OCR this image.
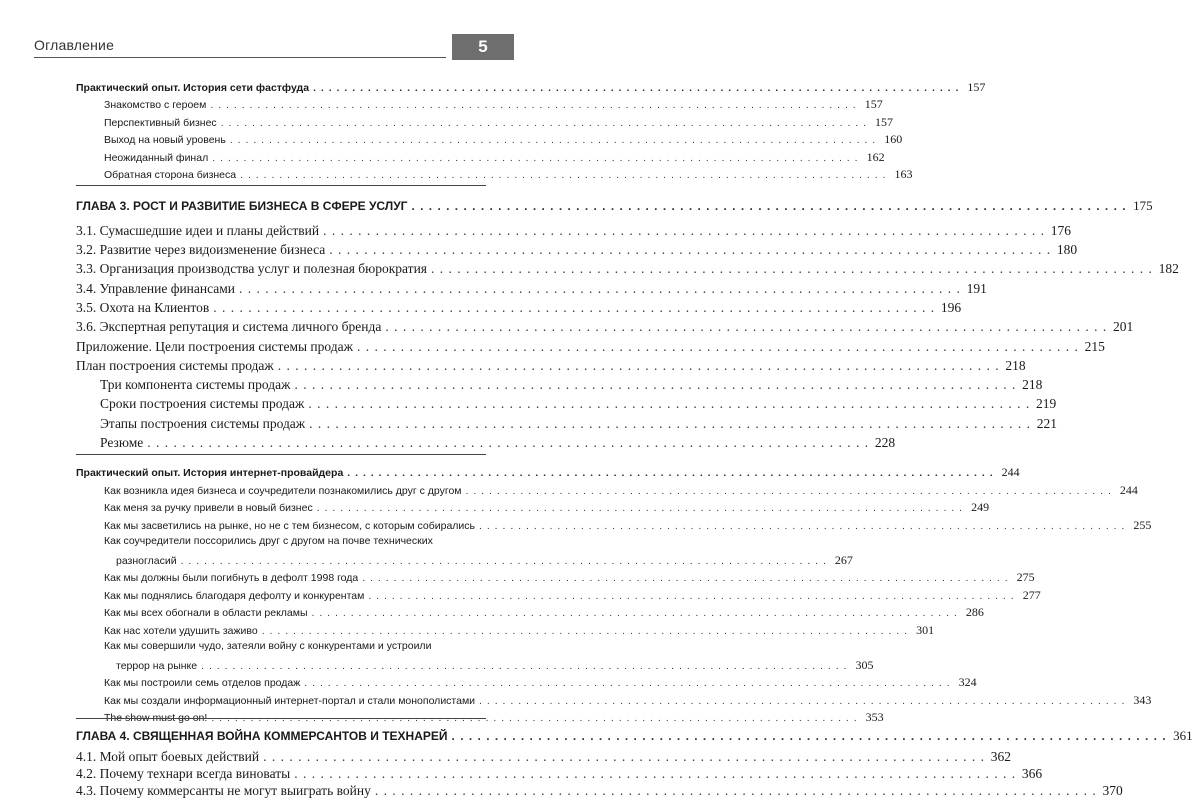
Оглавление	5
Практический опыт. История сети фастфуда . . .	157
Знакомство с героем . . .	157
Перспективный бизнес . . .	157
Выход на новый уровень . . .	160
Неожиданный финал . . .	162
Обратная сторона бизнеса . . .	163
ГЛАВА 3. РОСТ И РАЗВИТИЕ БИЗНЕСА В СФЕРЕ УСЛУГ . . .	175
3.1. Сумасшедшие идеи и планы действий . . .	176
3.2. Развитие через видоизменение бизнеса . . .	180
3.3. Организация производства услуг и полезная бюрократия . . .	182
3.4. Управление финансами . . .	191
3.5. Охота на Клиентов . . .	196
3.6. Экспертная репутация и система личного бренда . . .	201
Приложение. Цели построения системы продаж . . .	215
План построения системы продаж . . .	218
Три компонента системы продаж . . .	218
Сроки построения системы продаж . . .	219
Этапы построения системы продаж . . .	221
Резюме . . .	228
Практический опыт. История интернет-провайдера . . .	244
Как возникла идея бизнеса и соучредители познакомились друг с другом . . .	244
Как меня за ручку привели в новый бизнес . . .	249
Как мы засветились на рынке, но не с тем бизнесом, с которым собирались . . .	255
Как соучредители поссорились друг с другом на почве технических
разногласий . . .	267
Как мы должны были погибнуть в дефолт 1998 года . . .	275
Как мы поднялись благодаря дефолту и конкурентам . . .	277
Как мы всех обогнали в области рекламы . . .	286
Как нас хотели удушить заживо . . .	301
Как мы совершили чудо, затеяли войну с конкурентами и устроили
террор на рынке . . .	305
Как мы построили семь отделов продаж . . .	324
Как мы создали информационный интернет-портал и стали монополистами . . .	343
The show must go on! . . .	353
ГЛАВА 4. СВЯЩЕННАЯ ВОЙНА КОММЕРСАНТОВ И ТЕХНАРЕЙ . . .	361
4.1. Мой опыт боевых действий . . .	362
4.2. Почему технари всегда виноваты . . .	366
4.3. Почему коммерсанты не могут выиграть войну . . .	370
